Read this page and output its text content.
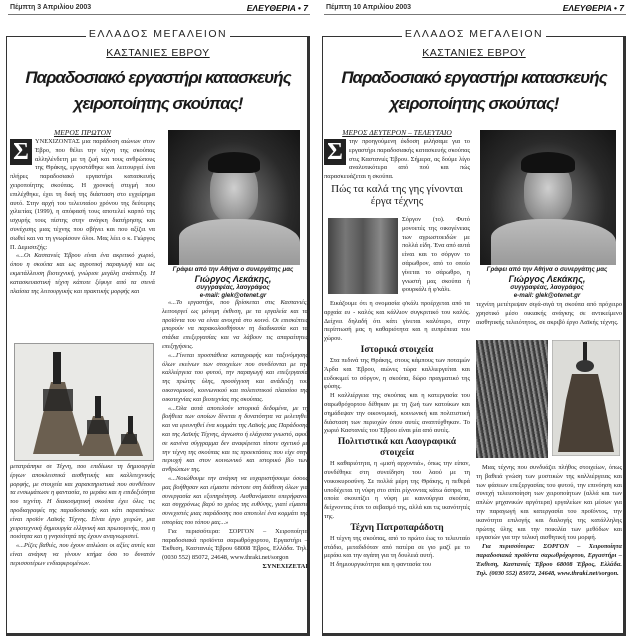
Πέμπτη 3 Απριλίου 2003	ΕΛΕΥΘΕΡΙΑ • 7
ΕΛΛΑΔΟΣ ΜΕΓΑΛΕΙΟΝ
ΚΑΣΤΑΝΙΕΣ ΕΒΡΟΥ
Παραδοσιακό εργαστήρι κατασκευής
χειροποίητης σκούπας!

ΜΕΡΟΣ ΠΡΩΤΟΝ

Σ ΥΝΕΧΙΖΟΝΤΑΣ μια παράδοση αιώνων στον Έβρο, που θέλει την τέχνη της σκούπας αλληλένδετη με τη ζωή και τους ανθρώπους της Θράκης, εργοστάθηκε και λειτουργεί ένα πλήρες παραδοσιακό εργαστήρι κατασκευής χειροποίητης σκούπας. Η χρονική στιγμή που επιλέχθηκε, έχει τη δική της διάσταση στο εγχείρημα αυτό. Στην αρχή του τελευταίου χρόνου της δεύτερης χιλιετίας (1999), η απόφασή τους αποτελεί καρπό της ισχυρής τους πίστης στην ανάγκη διατήρησης και συνέχισης μιας τέχνης που σβήνει και που αξίζει να σωθεί και να τη γνωρίσουν όλοι. Μας λέει ο κ. Γιώργος Π. Δεμισιτζής:

«...Οι Καστανιές Έβρου είναι ένα ακριτικό χωριό, όπου η σκούπα και ως αγροτική παραγωγή και ως εκμετάλλευση βιοτεχνική, γνώρισε μεγάλη ανάπτυξη. Η κατασκευαστική τέχνη κάποτε ξέφυγε από τα στενά πλαίσια της λειτουργικής και πρακτικής μορφής και

μετατράπηκε σε Τέχνη, που επιδίωκε τη δημιουργία έργων αποκλειστικά αισθητικής και καλλιτεχνικής μορφής, με στοιχεία και χαρακτηριστικά που συνθέτουν τα ενσωμάτωσε η φαντασία, το μεράκι και η επιδεξιότητα του τεχνίτη. Η διακοσμητική σκούπα έχει όλες τις προδιαγραφές της παραδοσιακής και κάτι παραπάνω: είναι προϊόν Λαϊκής Τέχνης. Είναι έργο χειρών, μια χειροτεχνική δημιουργία ελληνική και πρωτογενής, που η ποιότητα και η γνησιότητά της έχουν αναγνωριστεί.

«...Ρίζες βαθιές, που έχουν απλώσει οι αξίες αυτές και είναι ανάγκη να γίνουν κτήμα όσο το δυνατόν περισσοτέρων ενδιαφερομένων.

Γράφει από την Αθήνα ο συνεργάτης μας
Γιώργος Λεκάκης,
συγγραφέας, λαογράφος
e-mail: glek@otenet.gr

«...Το εργαστήρι, που βρίσκεται στις Καστανιές, λειτουργεί ως μόνιμη έκθεση, με τα εργαλεία και τα προϊόντα του να είναι ανοιχτά στο κοινό. Οι επισκέπτες μπορούν να παρακολουθήσουν τη διαδικασία και τα στάδια επεξεργασίας και να λάβουν τις απαραίτητες επεξηγήσεις.

«...Γίνεται προσπάθεια καταγραφής και ταξινόμησης όλων εκείνων των στοιχείων που συνδέονται με την καλλιέργεια του φυτού, την παραγωγή και επεξεργασία της πρώτης ύλης, προσέγγιση και ανάδειξη του οικονομικού, κοινωνικού και πολιτιστικού πλαισίου της οικοτεχνίας και βιοτεχνίας της σκούπας.

«...Όλα αυτά αποτελούν ιστορικά δεδομένα, με τη βοήθεια των οποίων δίνεται η δυνατότητα να μελετηθεί και να ερευνηθεί ένα κομμάτι της Λαϊκής μας Παράδοσης και της Λαϊκής Τέχνης, άγνωστο ή ελάχιστα γνωστό, αφού σε κανένα σύγγραμμα δεν αναφέρεται τίποτε σχετικό με την τέχνη της σκούπας και τις προεκτάσεις που είχε στην περιοχή και στον κοινωνικό και ιστορικό βίο των ανθρώπων της.

«...Νοιώθουμε την ανάγκη να ευχαριστήσουμε όσους μας βοήθησαν και είμαστε πάντοτε στη διάθεση όλων για συνεργασία και εξυπηρέτηση. Αισθανόμαστε υπερήφανοι και συγχρόνως βαρύ το χρέος της ευθύνης, γιατί είμαστε συνεχιστές μιας παράδοσης που αποτελεί ένα κομμάτι της ιστορίας του τόπου μας...»

Για περισσότερα: ΣΟΡΓΟΝ – Χειροποίητα παραδοσιακά προϊόντα σαρωθρόχορτου, Εργαστήρι – Έκθεση, Καστανιές Έβρου 68008 Έβρος, Ελλάδα. Τηλ. (0030 552) 85072, 24648, www.thraki.net/sorgon

ΣΥΝΕΧΙΖΕΤΑΙ

Πέμπτη 10 Απριλίου 2003	ΕΛΕΥΘΕΡΙΑ • 7
ΕΛΛΑΔΟΣ ΜΕΓΑΛΕΙΟΝ
ΚΑΣΤΑΝΙΕΣ ΕΒΡΟΥ
Παραδοσιακό εργαστήρι κατασκευής
χειροποίητης σκούπας!

ΜΕΡΟΣ ΔΕΥΤΕΡΟΝ – ΤΕΛΕΥΤΑΙΟ

Σ την προηγούμενη έκδοση μιλήσαμε για το εργαστήρι παραδοσιακής κατασκευής σκούπας στις Καστανιές Έβρου. Σήμερα, ας δούμε λίγο αναλυτικότερα από πού και πώς παρασκευάζεται η σκούπα.

Πώς τα καλά της γης γίνονται έργα τέχνης

Σόργον (το). Φυτό μονοετές της οικογένειας των αγρωστοειδών με πολλά είδη. Ένα από αυτά είναι και το σόργον το σάρωθρον, από το οποίο γίνεται το σάρωθρο, η γνωστή μας σκούπα ή φουρκάλι ή φ'κάλι.

Εικάζουμε ότι η ονομασία φ'κάλι προέρχεται από τα αρχαία ευ - καλός και κάλλιον συγκριτικό του καλός. Δείχνει δηλαδή ότι κάτι γίνεται καλύτερο, στην περίπτωσή μας η καθαριότητα και η ευπρέπεια του χώρου.

Ιστορικά στοιχεία

Στα πεδινά της Θράκης, στους κάμπους των ποταμών Άρδα και Έβρου, αιώνες τώρα καλλιεργείται και ευδοκιμεί το σόργον, η σκούπα, δώρο πραγματικό της φύσης.

Η καλλιέργεια της σκούπας και η κατεργασία του σαρωθρόχορτου δέθηκαν με τη ζωή των κατοίκων και σημάδεψαν την οικονομική, κοινωνική και πολιτιστική διάσταση των περιοχών όπου αυτές αναπτύχθηκαν. Το χωριό Καστανιές του Έβρου είναι μία από αυτές.

Πολιτιστικά και Λαογραφικά στοιχεία

Η καθαριότητα, η «μισή αρχοντιά», όπως την είπαν, συνδέθηκε στη συνείδηση του λαού με τη νοικοκυροσύνη. Σε πολλά μέρη της Θράκης, η πεθερά υποδέχεται τη νύφη στο σπίτι ρίχνοντας κάτω άσπρα, τα οποία σκουπίζει η νύφη με καινούργια σκούπα, δείχνοντας έτσι το σεβασμό της, αλλά και τις ικανότητές της.

Τέχνη Πατροπαράδοτη

Η τέχνη της σκούπας, από το πρώτο έως το τελευταίο στάδιο, μεταδιδόταν από πατέρα σε γιο μαζί με το μεράκι και την αγάπη για τη δουλειά αυτή.

Η δημιουργικότητα και η φαντασία του

Γράφει από την Αθήνα ο συνεργάτης μας
Γιώργος Λεκάκης,
συγγραφέας, λαογράφος
e-mail: glek@otenet.gr

τεχνίτη μετέτρεψαν σιγά-σιγά τη σκούπα από πρόχειρο χρηστικό μέσο οικιακής ανάγκης σε αντικείμενο αισθητικής τελειότητος, σε ακριβό έργο Λαϊκής τέχνης.

Μιας τέχνης που συνδυάζει πλήθος στοιχείων, όπως τη βαθειά γνώση των μυστικών της καλλιέργειας και των φάσεων επεξεργασίας του φυτού, την επινόηση και συνεχή τελειοποίηση των χειροποίητων (αλλά και των απλών μηχανικών αργότερα) εργαλείων και μέσων για την παραγωγή και κατεργασία του προϊόντος, την ικανότητα επιλογής και διαλογής της κατάλληλης πρώτης ύλης και την ποικιλία των μεθόδων και εργασιών για την τελική αισθητική του μορφή.

Για περισσότερα: ΣΟΡΓΟΝ – Χειροποίητα παραδοσιακά προϊόντα σαρωθρόχορτου, Εργαστήρι – Έκθεση, Καστανιές Έβρου 68008 Έβρος, Ελλάδα. Τηλ. (0030 552) 85072, 24648, www.thraki.net/sorgon.
